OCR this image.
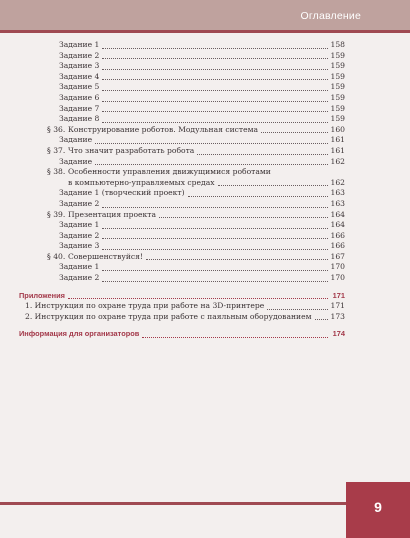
Оглавление
Задание 1	158
Задание 2	159
Задание 3	159
Задание 4	159
Задание 5	159
Задание 6	159
Задание 7	159
Задание 8	159
§ 36. Конструирование роботов. Модульная система	160
Задание	161
§ 37. Что значит разработать робота	161
Задание	162
§ 38. Особенности управления движущимися роботами
в компьютерно-управляемых средах	162
Задание 1 (творческий проект)	163
Задание 2	163
§ 39. Презентация проекта	164
Задание 1	164
Задание 2	166
Задание 3	166
§ 40. Совершенствуйся!	167
Задание 1	170
Задание 2	170
Приложения	171
1. Инструкция по охране труда при работе на 3D-принтере	171
2. Инструкция по охране труда при работе с паяльным оборудованием 173
Информация для организаторов	174
9
